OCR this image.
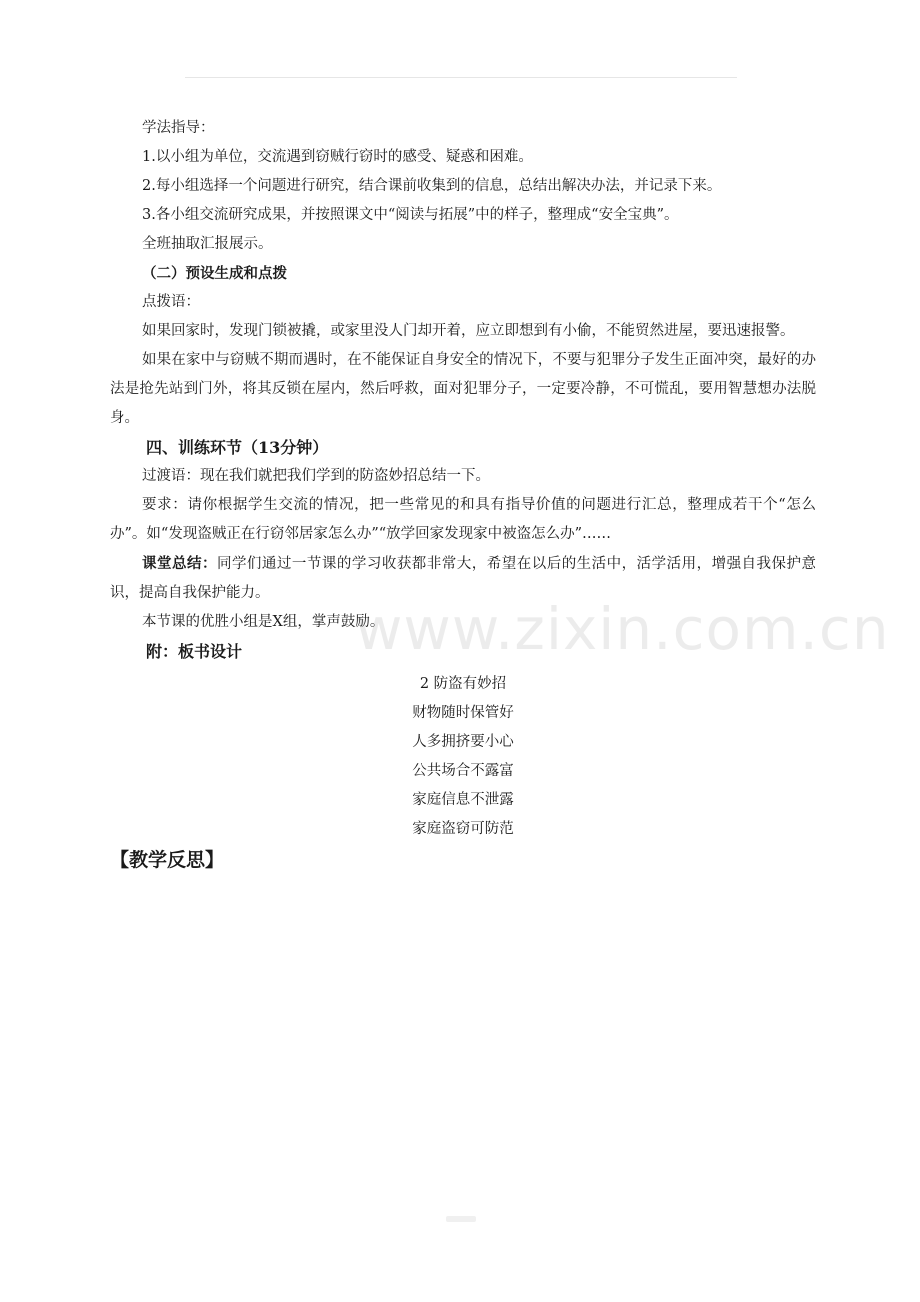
学法指导：

1.以小组为单位，交流遇到窃贼行窃时的感受、疑惑和困难。

2.每小组选择一个问题进行研究，结合课前收集到的信息，总结出解决办法，并记录下来。

3.各小组交流研究成果，并按照课文中“阅读与拓展”中的样子，整理成“安全宝典”。

全班抽取汇报展示。

（二）预设生成和点拨

点拨语：

如果回家时，发现门锁被撬，或家里没人门却开着，应立即想到有小偷，不能贸然进屋，要迅速报警。

如果在家中与窃贼不期而遇时，在不能保证自身安全的情况下，不要与犯罪分子发生正面冲突，最好的办法是抢先站到门外，将其反锁在屋内，然后呼救，面对犯罪分子，一定要冷静，不可慌乱，要用智慧想办法脱身。

四、训练环节（13分钟）

过渡语：现在我们就把我们学到的防盗妙招总结一下。

要求：请你根据学生交流的情况，把一些常见的和具有指导价值的问题进行汇总，整理成若干个“怎么办”。如“发现盗贼正在行窃邻居家怎么办”“放学回家发现家中被盗怎么办”……

课堂总结：同学们通过一节课的学习收获都非常大，希望在以后的生活中，活学活用，增强自我保护意识，提高自我保护能力。

本节课的优胜小组是X组，掌声鼓励。

附：板书设计

2 防盗有妙招

财物随时保管好

人多拥挤要小心

公共场合不露富

家庭信息不泄露

家庭盗窃可防范

【教学反思】

www.zixin.com.cn
